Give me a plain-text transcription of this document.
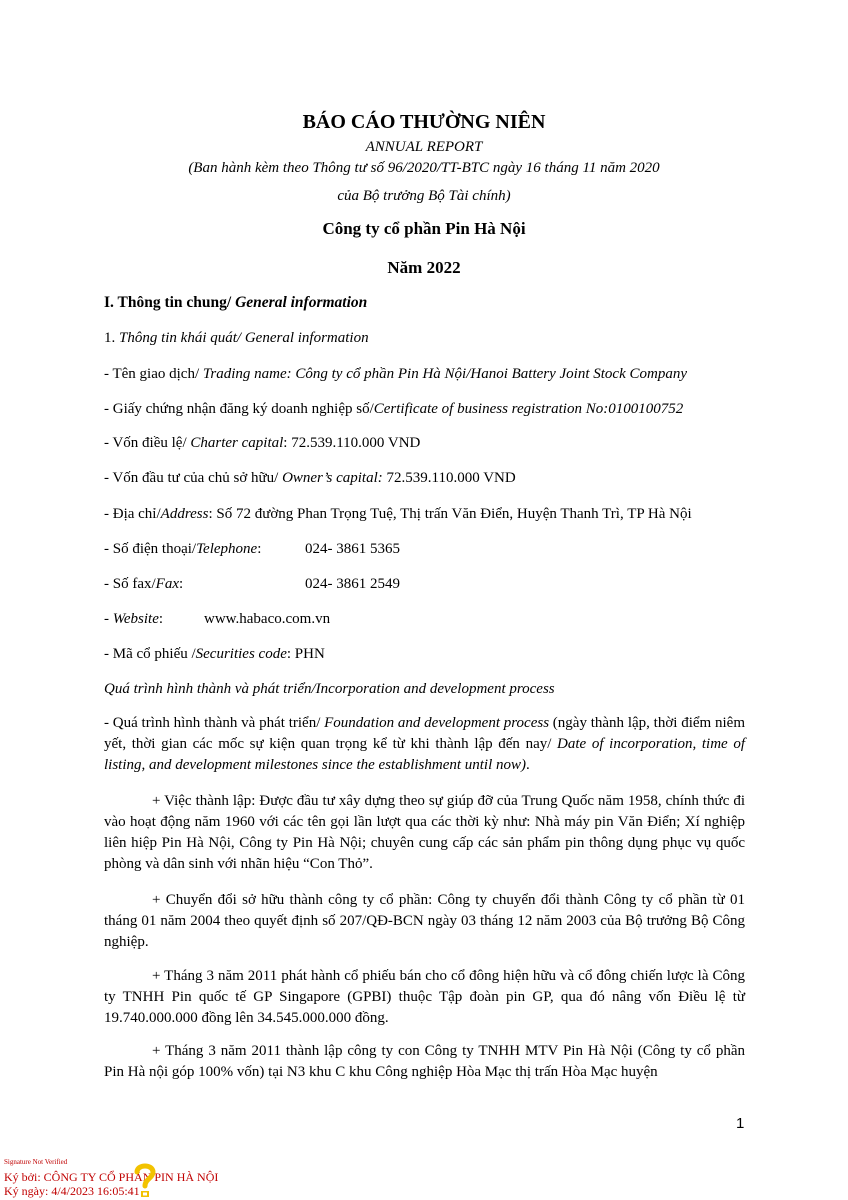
BÁO CÁO THƯỜNG NIÊN
ANNUAL REPORT
(Ban hành kèm theo Thông tư số 96/2020/TT-BTC ngày 16 tháng 11 năm 2020
của Bộ trưởng Bộ Tài chính)
Công ty cổ phần Pin Hà Nội
Năm 2022
I. Thông tin chung/ General information
1. Thông tin khái quát/ General information
- Tên giao dịch/ Trading name: Công ty cổ phần Pin Hà Nội/Hanoi Battery Joint Stock Company
- Giấy chứng nhận đăng ký doanh nghiệp số/Certificate of business registration No:0100100752
- Vốn điều lệ/ Charter capital: 72.539.110.000 VND
- Vốn đầu tư của chủ sở hữu/ Owner’s capital: 72.539.110.000 VND
- Địa chỉ/Address: Số 72 đường Phan Trọng Tuệ, Thị trấn Văn Điển, Huyện Thanh Trì, TP Hà Nội
- Số điện thoại/Telephone:	024- 3861 5365
- Số fax/Fax:	024- 3861 2549
- Website:	www.habaco.com.vn
- Mã cổ phiếu /Securities code: PHN
Quá trình hình thành và phát triển/Incorporation and development process
- Quá trình hình thành và phát triển/ Foundation and development process (ngày thành lập, thời điểm niêm yết, thời gian các mốc sự kiện quan trọng kể từ khi thành lập đến nay/ Date of incorporation, time of listing, and development milestones since the establishment until now).
+ Việc thành lập: Được đầu tư xây dựng theo sự giúp đỡ của Trung Quốc năm 1958, chính thức đi vào hoạt động năm 1960 với các tên gọi lần lượt qua các thời kỳ như: Nhà máy pin Văn Điển; Xí nghiệp liên hiệp Pin Hà Nội, Công ty Pin Hà Nội; chuyên cung cấp các sản phẩm pin thông dụng phục vụ quốc phòng và dân sinh với nhãn hiệu “Con Thỏ”.
+ Chuyển đổi sở hữu thành công ty cổ phần: Công ty chuyển đổi thành Công ty cổ phần từ 01 tháng 01 năm 2004 theo quyết định số 207/QĐ-BCN ngày 03 tháng 12 năm 2003 của Bộ trưởng Bộ Công nghiệp.
+ Tháng 3 năm 2011 phát hành cổ phiếu bán cho cổ đông hiện hữu và cổ đông chiến lược là Công ty TNHH Pin quốc tế GP Singapore (GPBI) thuộc Tập đoàn pin GP, qua đó nâng vốn Điều lệ từ 19.740.000.000 đồng lên 34.545.000.000 đồng.
+ Tháng 3 năm 2011 thành lập công ty con Công ty TNHH MTV Pin Hà Nội (Công ty cổ phần Pin Hà nội góp 100% vốn) tại N3 khu C khu Công nghiệp Hòa Mạc thị trấn Hòa Mạc huyện
1
Signature Not Verified
Ký bởi: CÔNG TY CỔ PHẦN PIN HÀ NỘI
Ký ngày: 4/4/2023 16:05:41
